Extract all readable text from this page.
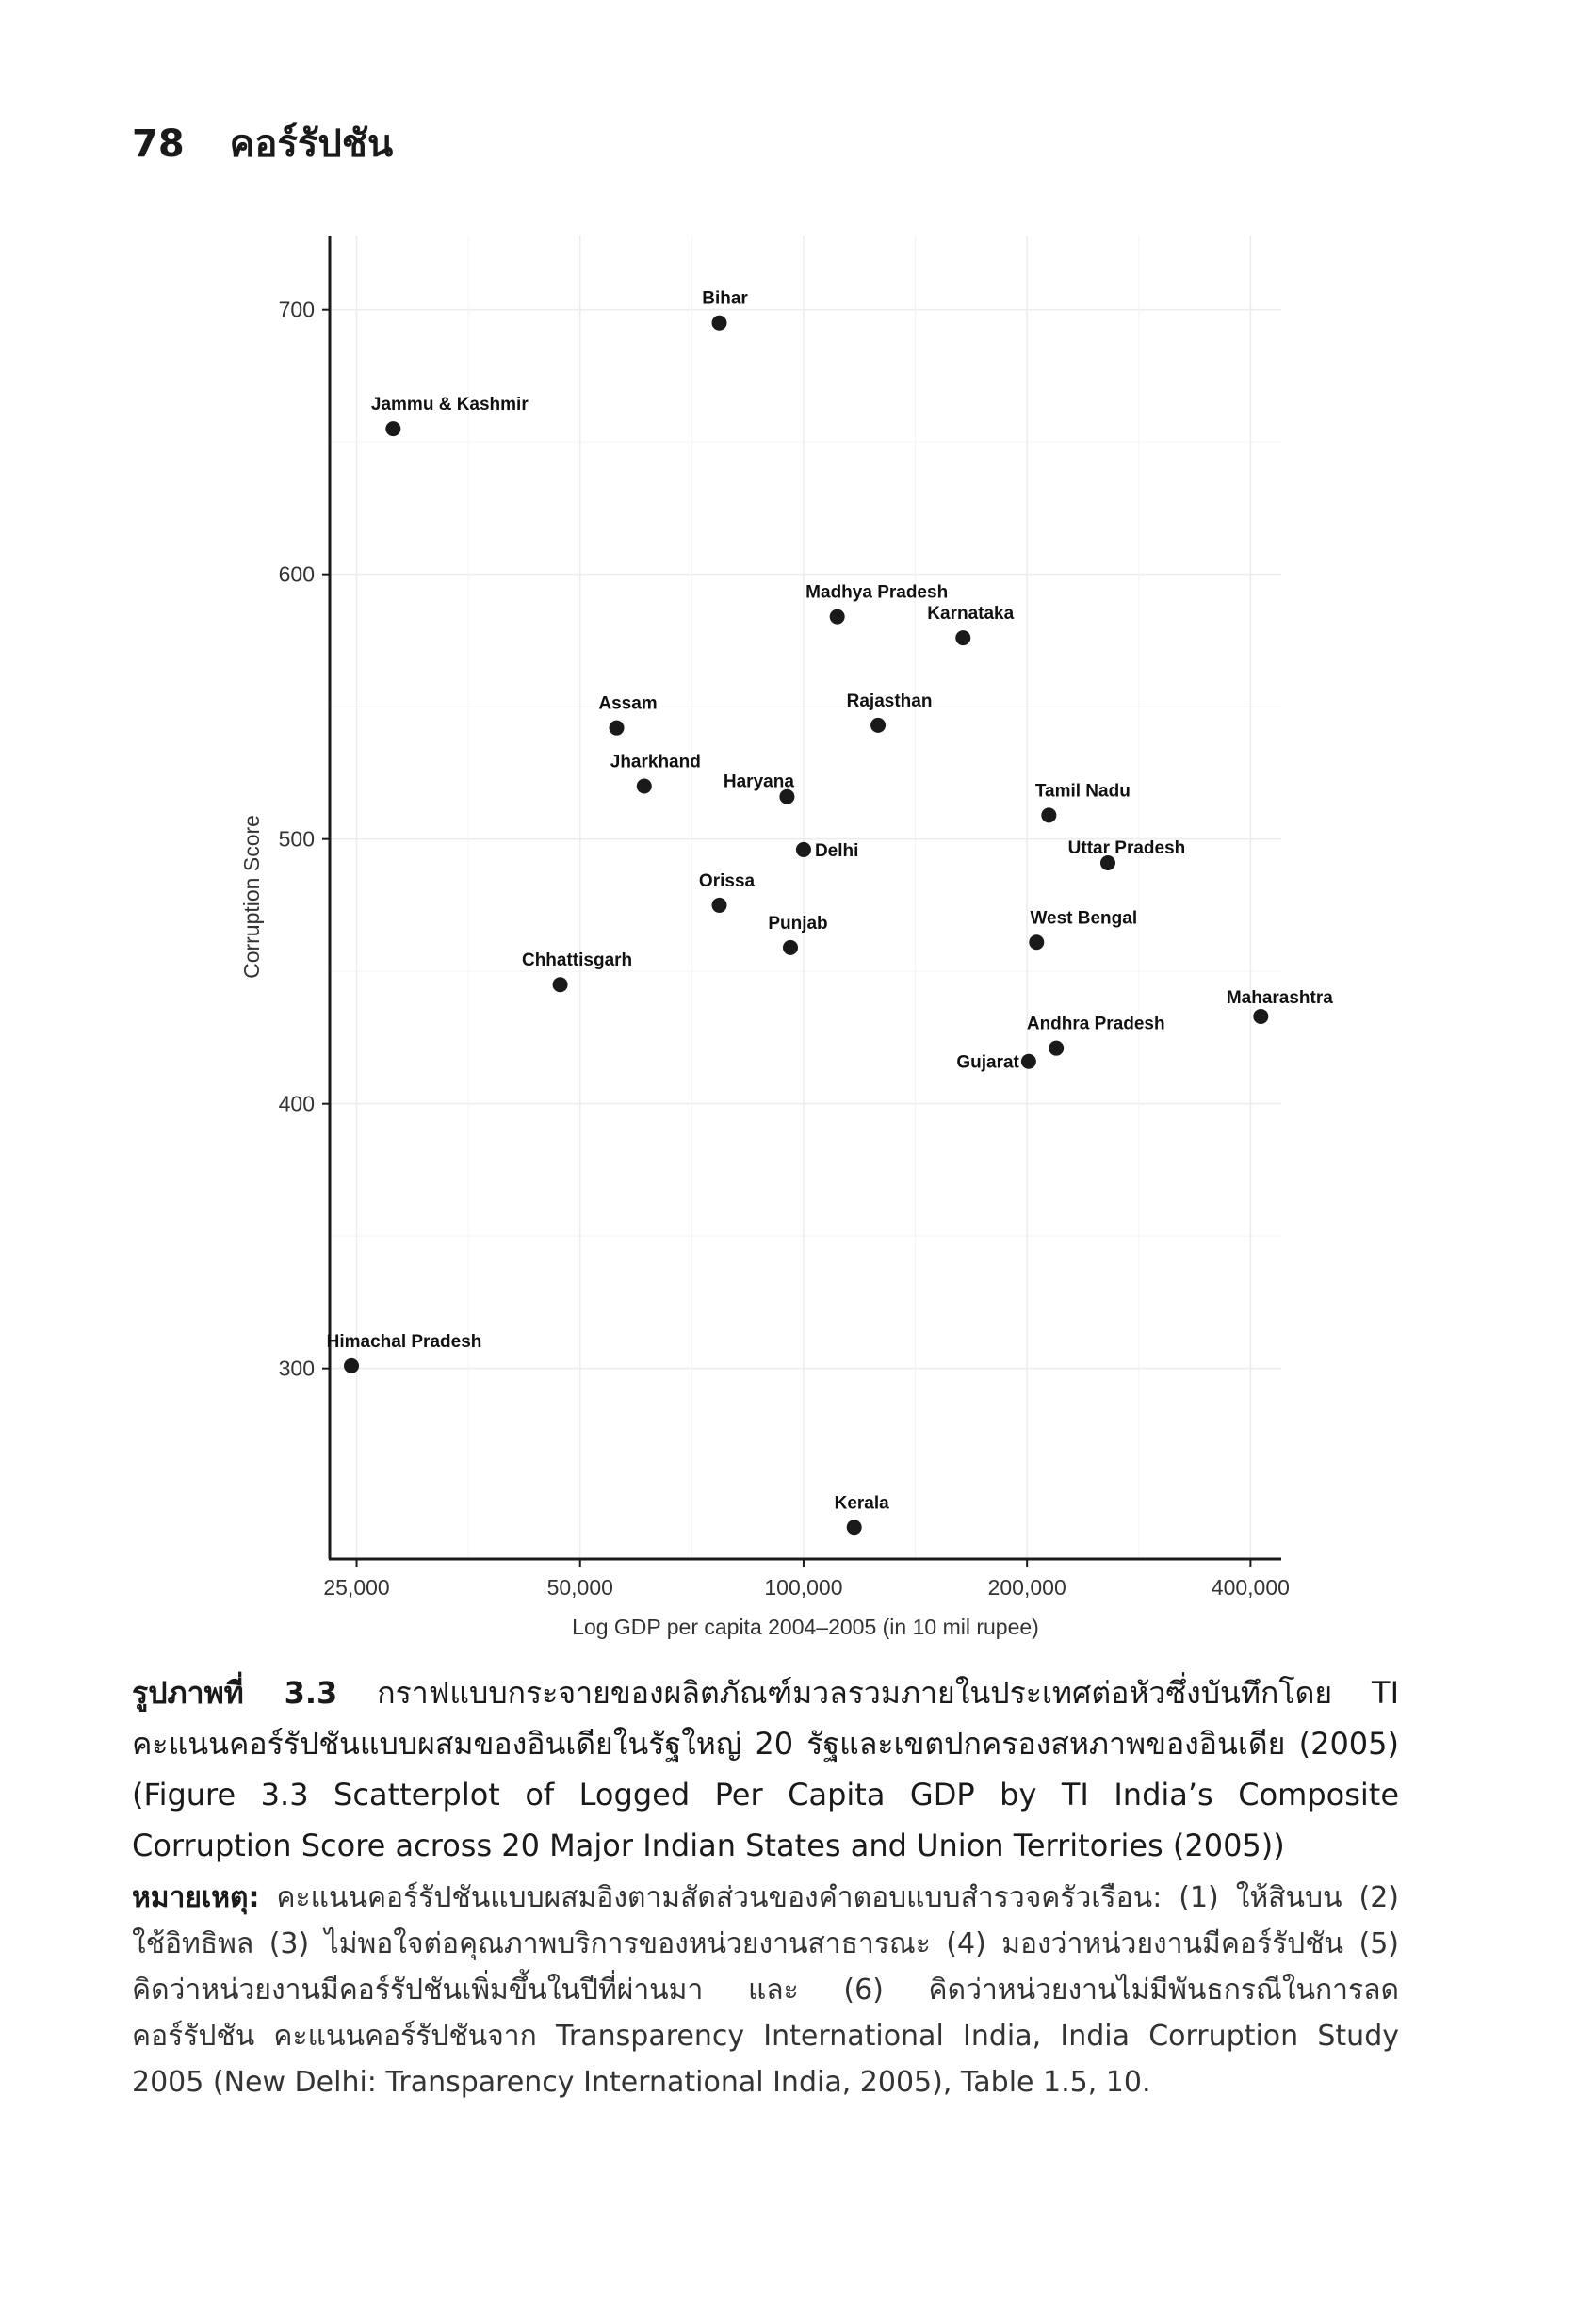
78 คอร์รัปชัน
300
400
500
600
700
25,000	50,000	100,000	200,000	400,000
Bihar
Jammu & Kashmir
Madhya Pradesh
Karnataka
Assam	Rajasthan
Jharkhand
Haryana	Tamil Nadu
Delhi	Uttar Pradesh
Orissa
Punjab	West Bengal
Chhattisgarh
Maharashtra
Andhra Pradesh
Gujarat
Himachal Pradesh
Kerala
Log GDP per capita 2004–2005 (in 10 mil rupee)
Corruption Score
รูปภาพที่ 3.3 กราฟแบบกระจายของผลิตภัณฑ์มวลรวมภายในประเทศต่อหัวซึ่งบันทึกโดย TI คะแนนคอร์รัปชันแบบผสมของอินเดียในรัฐใหญ่ 20 รัฐและเขตปกครองสหภาพของอินเดีย (2005) (Figure 3.3 Scatterplot of Logged Per Capita GDP by TI India’s Composite Corruption Score across 20 Major Indian States and Union Territories (2005))
หมายเหตุ: คะแนนคอร์รัปชันแบบผสมอิงตามสัดส่วนของคำตอบแบบสำรวจครัวเรือน: (1) ให้สินบน (2) ใช้อิทธิพล (3) ไม่พอใจต่อคุณภาพบริการของหน่วยงานสาธารณะ (4) มองว่าหน่วยงานมีคอร์รัปชัน (5) คิดว่าหน่วยงานมีคอร์รัปชันเพิ่มขึ้นในปีที่ผ่านมา และ (6) คิดว่าหน่วยงานไม่มีพันธกรณีในการลดคอร์รัปชัน คะแนนคอร์รัปชันจาก Transparency International India, India Corruption Study 2005 (New Delhi: Transparency International India, 2005), Table 1.5, 10.
